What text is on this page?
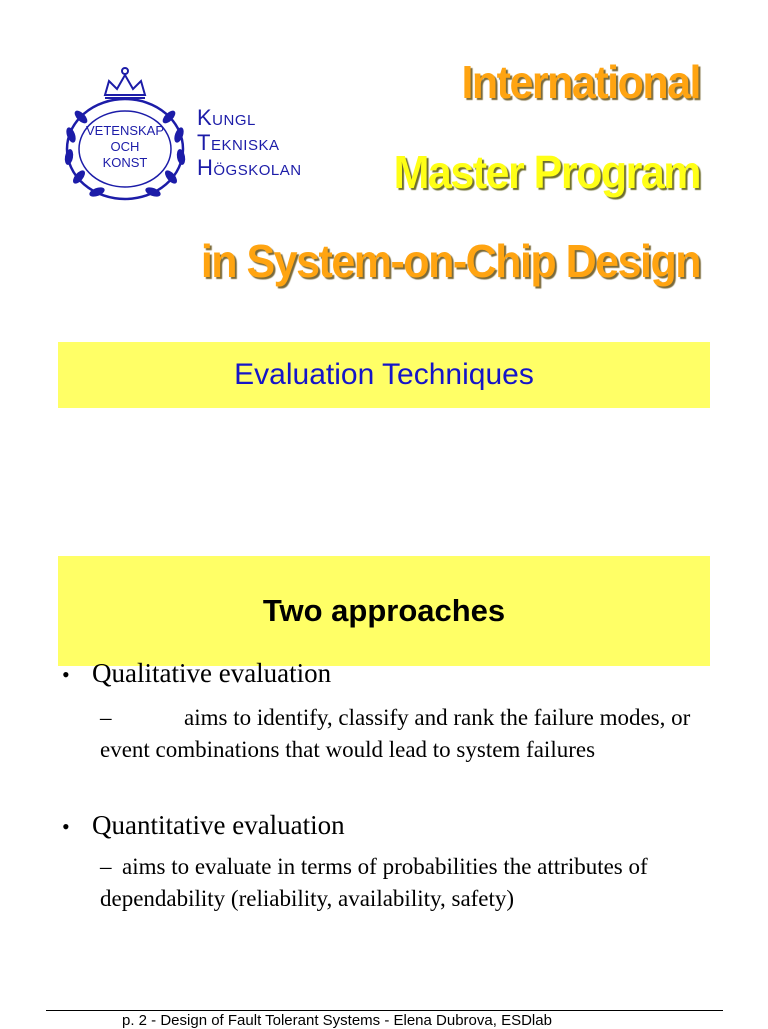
VETENSKAP
OCH
KONST
Kungl
Tekniska
Högskolan
International
Master Program
in System-on-Chip Design
Evaluation Techniques
Two approaches
• Qualitative evaluation
–	aims to identify, classify and rank the failure modes, or event combinations that would lead to system failures
• Quantitative evaluation
– aims to evaluate in terms of probabilities the attributes of dependability (reliability, availability, safety)
p. 2 - Design of Fault Tolerant Systems - Elena Dubrova, ESDlab
